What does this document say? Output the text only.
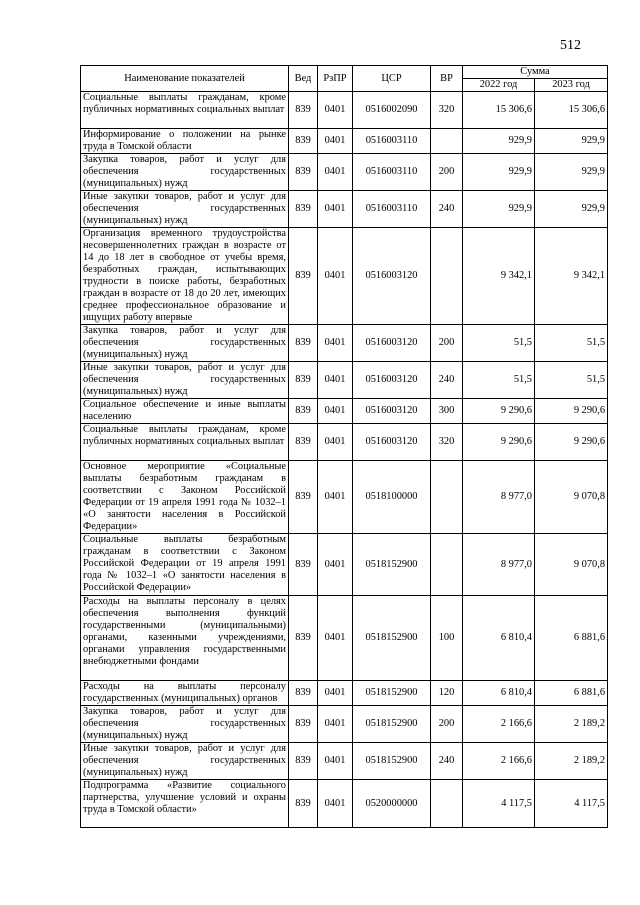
512
Наименование показателей	Вед	РзПР	ЦСР	ВР	Сумма	
					2022 год	2023 год
Социальные выплаты гражданам, кроме публичных нормативных социальных выплат	839	0401	0516002090	320	15 306,6	15 306,6
Информирование о положении на рынке труда в Томской области	839	0401	0516003110		929,9	929,9
Закупка товаров, работ и услуг для обеспечения государственных (муниципальных) нужд	839	0401	0516003110	200	929,9	929,9
Иные закупки товаров, работ и услуг для обеспечения государственных (муниципальных) нужд	839	0401	0516003110	240	929,9	929,9
Организация временного трудоустройства несовершеннолетних граждан в возрасте от 14 до 18 лет в свободное от учебы время, безработных граждан, испытывающих трудности в поиске работы, безработных граждан в возрасте от 18 до 20 лет, имеющих среднее профессиональное образование и ищущих работу впервые	839	0401	0516003120		9 342,1	9 342,1
Закупка товаров, работ и услуг для обеспечения государственных (муниципальных) нужд	839	0401	0516003120	200	51,5	51,5
Иные закупки товаров, работ и услуг для обеспечения государственных (муниципальных) нужд	839	0401	0516003120	240	51,5	51,5
Социальное обеспечение и иные выплаты населению	839	0401	0516003120	300	9 290,6	9 290,6
Социальные выплаты гражданам, кроме публичных нормативных социальных выплат	839	0401	0516003120	320	9 290,6	9 290,6
Основное мероприятие «Социальные выплаты безработным гражданам в соответствии с Законом Российской Федерации от 19 апреля 1991 года № 1032–1 «О занятости населения в Российской Федерации»	839	0401	0518100000		8 977,0	9 070,8
Социальные выплаты безработным гражданам в соответствии с Законом Российской Федерации от 19 апреля 1991 года № 1032–1 «О занятости населения в Российской Федерации»	839	0401	0518152900		8 977,0	9 070,8
Расходы на выплаты персоналу в целях обеспечения выполнения функций государственными (муниципальными) органами, казенными учреждениями, органами управления государственными внебюджетными фондами	839	0401	0518152900	100	6 810,4	6 881,6
Расходы на выплаты персоналу государственных (муниципальных) органов	839	0401	0518152900	120	6 810,4	6 881,6
Закупка товаров, работ и услуг для обеспечения государственных (муниципальных) нужд	839	0401	0518152900	200	2 166,6	2 189,2
Иные закупки товаров, работ и услуг для обеспечения государственных (муниципальных) нужд	839	0401	0518152900	240	2 166,6	2 189,2
Подпрограмма «Развитие социального партнерства, улучшение условий и охраны труда в Томской области»	839	0401	0520000000		4 117,5	4 117,5
